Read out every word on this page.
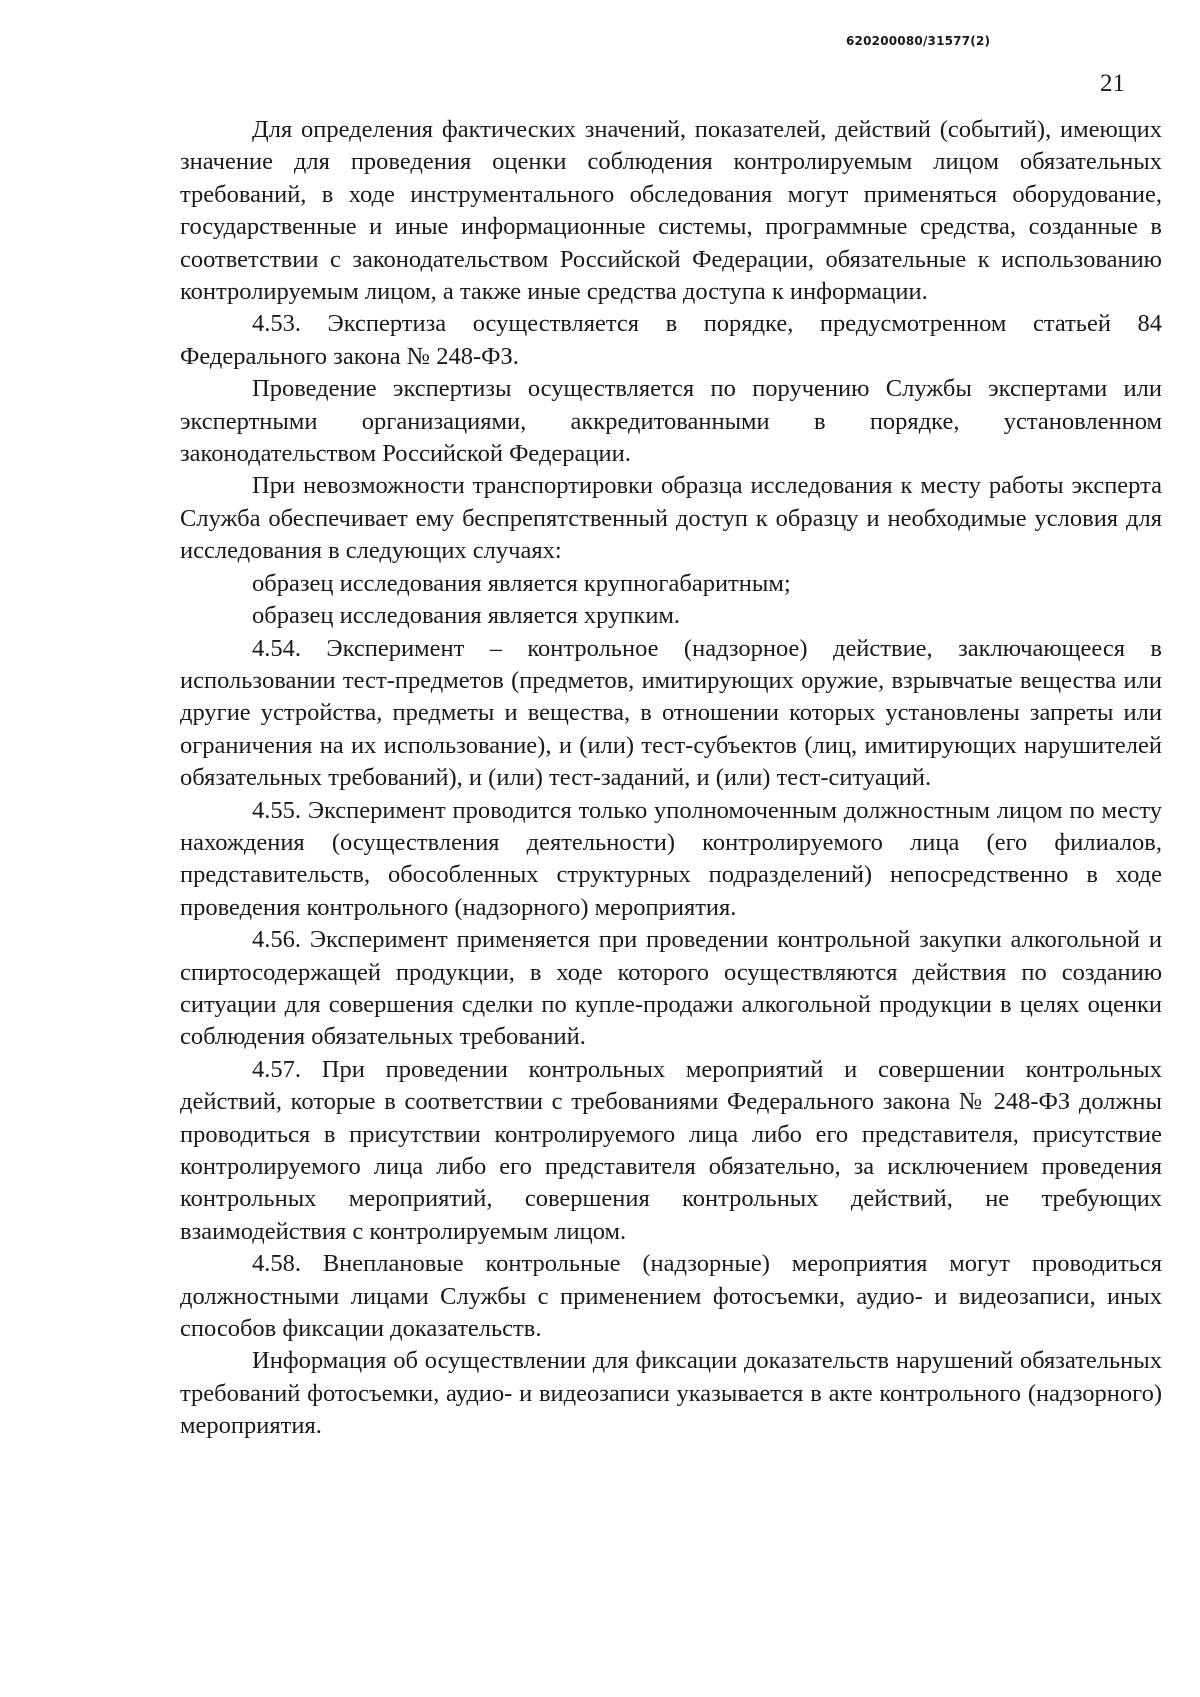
620200080/31577(2)
21

Для определения фактических значений, показателей, действий (событий), имеющих значение для проведения оценки соблюдения контролируемым лицом обязательных требований, в ходе инструментального обследования могут применяться оборудование, государственные и иные информационные системы, программные средства, созданные в соответствии с законодательством Российской Федерации, обязательные к использованию контролируемым лицом, а также иные средства доступа к информации.

4.53. Экспертиза осуществляется в порядке, предусмотренном статьей 84 Федерального закона № 248-ФЗ.

Проведение экспертизы осуществляется по поручению Службы экспертами или экспертными организациями, аккредитованными в порядке, установленном законодательством Российской Федерации.

При невозможности транспортировки образца исследования к месту работы эксперта Служба обеспечивает ему беспрепятственный доступ к образцу и необходимые условия для исследования в следующих случаях:

образец исследования является крупногабаритным;

образец исследования является хрупким.

4.54. Эксперимент – контрольное (надзорное) действие, заключающееся в использовании тест-предметов (предметов, имитирующих оружие, взрывчатые вещества или другие устройства, предметы и вещества, в отношении которых установлены запреты или ограничения на их использование), и (или) тест-субъектов (лиц, имитирующих нарушителей обязательных требований), и (или) тест-заданий, и (или) тест-ситуаций.

4.55. Эксперимент проводится только уполномоченным должностным лицом по месту нахождения (осуществления деятельности) контролируемого лица (его филиалов, представительств, обособленных структурных подразделений) непосредственно в ходе проведения контрольного (надзорного) мероприятия.

4.56. Эксперимент применяется при проведении контрольной закупки алкогольной и спиртосодержащей продукции, в ходе которого осуществляются действия по созданию ситуации для совершения сделки по купле-продажи алкогольной продукции в целях оценки соблюдения обязательных требований.

4.57. При проведении контрольных мероприятий и совершении контрольных действий, которые в соответствии с требованиями Федерального закона № 248-ФЗ должны проводиться в присутствии контролируемого лица либо его представителя, присутствие контролируемого лица либо его представителя обязательно, за исключением проведения контрольных мероприятий, совершения контрольных действий, не требующих взаимодействия с контролируемым лицом.

4.58. Внеплановые контрольные (надзорные) мероприятия могут проводиться должностными лицами Службы с применением фотосъемки, аудио- и видеозаписи, иных способов фиксации доказательств.

Информация об осуществлении для фиксации доказательств нарушений обязательных требований фотосъемки, аудио- и видеозаписи указывается в акте контрольного (надзорного) мероприятия.
